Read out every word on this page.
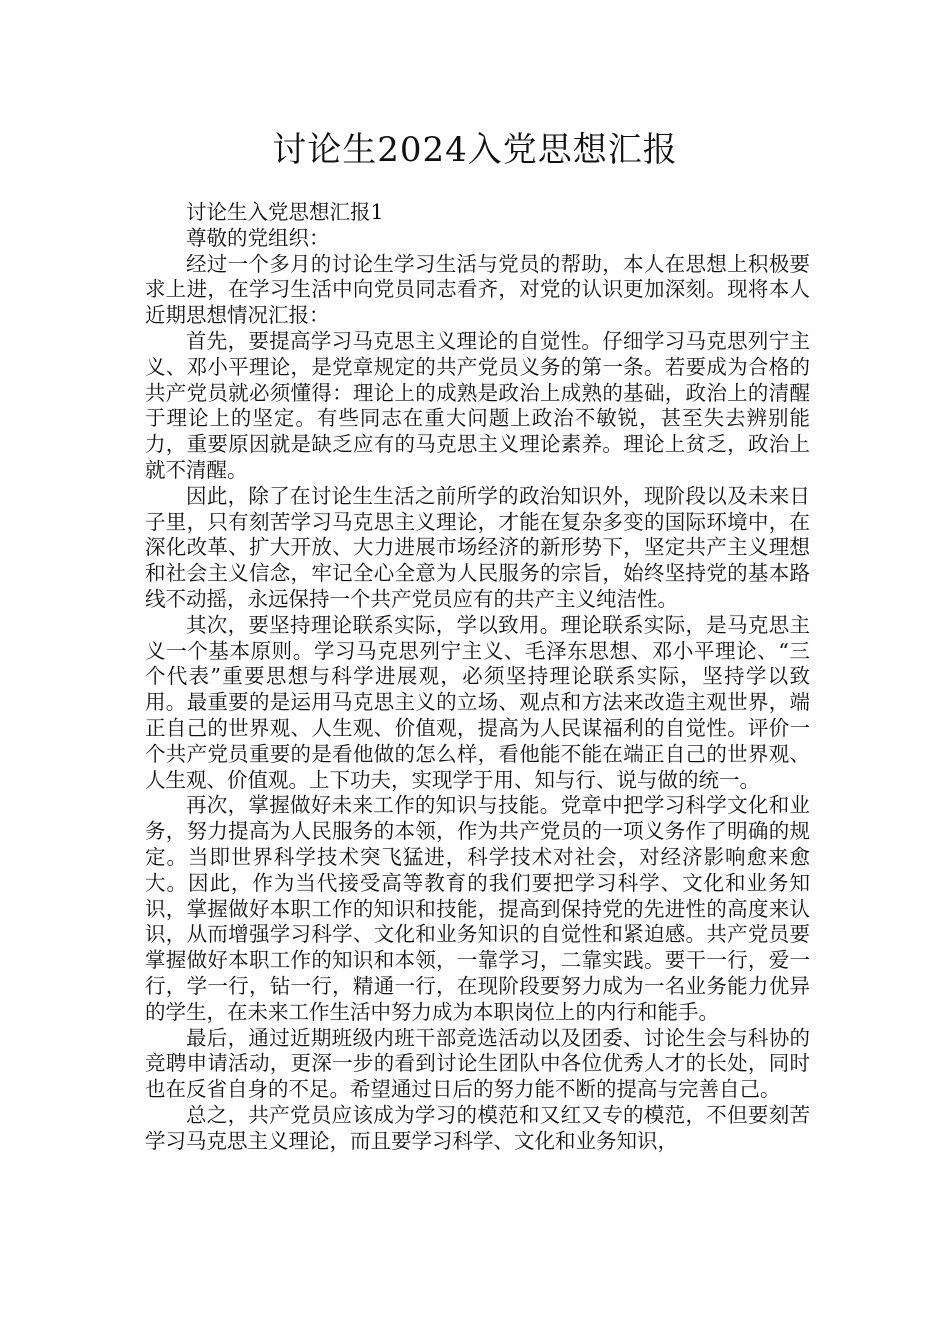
讨论生2024入党思想汇报

讨论生入党思想汇报1

尊敬的党组织：

经过一个多月的讨论生学习生活与党员的帮助，本人在思想上积极要求上进，在学习生活中向党员同志看齐，对党的认识更加深刻。现将本人近期思想情况汇报：

首先，要提高学习马克思主义理论的自觉性。仔细学习马克思列宁主义、邓小平理论，是党章规定的共产党员义务的第一条。若要成为合格的共产党员就必须懂得：理论上的成熟是政治上成熟的基础，政治上的清醒于理论上的坚定。有些同志在重大问题上政治不敏锐，甚至失去辨别能力，重要原因就是缺乏应有的马克思主义理论素养。理论上贫乏，政治上就不清醒。

因此，除了在讨论生生活之前所学的政治知识外，现阶段以及未来日子里，只有刻苦学习马克思主义理论，才能在复杂多变的国际环境中，在深化改革、扩大开放、大力进展市场经济的新形势下，坚定共产主义理想和社会主义信念，牢记全心全意为人民服务的宗旨，始终坚持党的基本路线不动摇，永远保持一个共产党员应有的共产主义纯洁性。

其次，要坚持理论联系实际，学以致用。理论联系实际，是马克思主义一个基本原则。学习马克思列宁主义、毛泽东思想、邓小平理论、“三个代表”重要思想与科学进展观，必须坚持理论联系实际，坚持学以致用。最重要的是运用马克思主义的立场、观点和方法来改造主观世界，端正自己的世界观、人生观、价值观，提高为人民谋福利的自觉性。评价一个共产党员重要的是看他做的怎么样，看他能不能在端正自己的世界观、人生观、价值观。上下功夫，实现学于用、知与行、说与做的统一。

再次，掌握做好未来工作的知识与技能。党章中把学习科学文化和业务，努力提高为人民服务的本领，作为共产党员的一项义务作了明确的规定。当即世界科学技术突飞猛进，科学技术对社会，对经济影响愈来愈大。因此，作为当代接受高等教育的我们要把学习科学、文化和业务知识，掌握做好本职工作的知识和技能，提高到保持党的先进性的高度来认识，从而增强学习科学、文化和业务知识的自觉性和紧迫感。共产党员要掌握做好本职工作的知识和本领，一靠学习，二靠实践。要干一行，爱一行，学一行，钻一行，精通一行，在现阶段要努力成为一名业务能力优异的学生，在未来工作生活中努力成为本职岗位上的内行和能手。

最后，通过近期班级内班干部竞选活动以及团委、讨论生会与科协的竞聘申请活动，更深一步的看到讨论生团队中各位优秀人才的长处，同时也在反省自身的不足。希望通过日后的努力能不断的提高与完善自己。

总之，共产党员应该成为学习的模范和又红又专的模范，不但要刻苦学习马克思主义理论，而且要学习科学、文化和业务知识，
